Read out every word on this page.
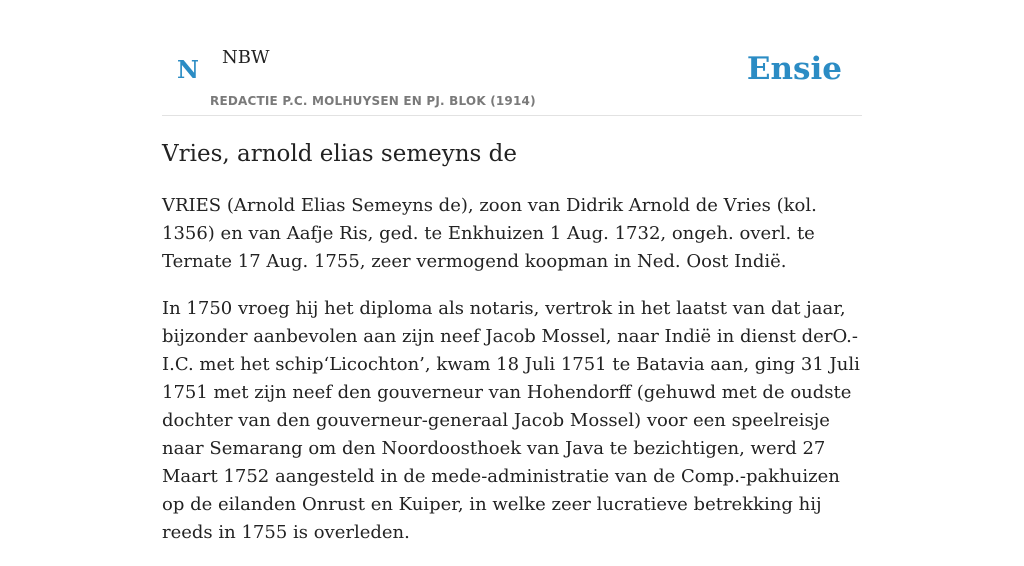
N NBW
REDACTIE P.C. MOLHUYSEN EN PJ. BLOK (1914)
Ensie
Vries, arnold elias semeyns de

VRIES (Arnold Elias Semeyns de), zoon van Didrik Arnold de Vries (kol. 1356) en van Aafje Ris, ged. te Enkhuizen 1 Aug. 1732, ongeh. overl. te Ternate 17 Aug. 1755, zeer vermogend koopman in Ned. Oost Indië.

In 1750 vroeg hij het diploma als notaris, vertrok in het laatst van dat jaar, bijzonder aanbevolen aan zijn neef Jacob Mossel, naar Indië in dienst derO.-I.C. met het schip‘Licochton’, kwam 18 Juli 1751 te Batavia aan, ging 31 Juli 1751 met zijn neef den gouverneur van Hohendorff (gehuwd met de oudste dochter van den gouverneur-generaal Jacob Mossel) voor een speelreisje naar Semarang om den Noordoosthoek van Java te bezichtigen, werd 27 Maart 1752 aangesteld in de mede-administratie van de Comp.-pakhuizen op de eilanden Onrust en Kuiper, in welke zeer lucratieve betrekking hij reeds in 1755 is overleden.
